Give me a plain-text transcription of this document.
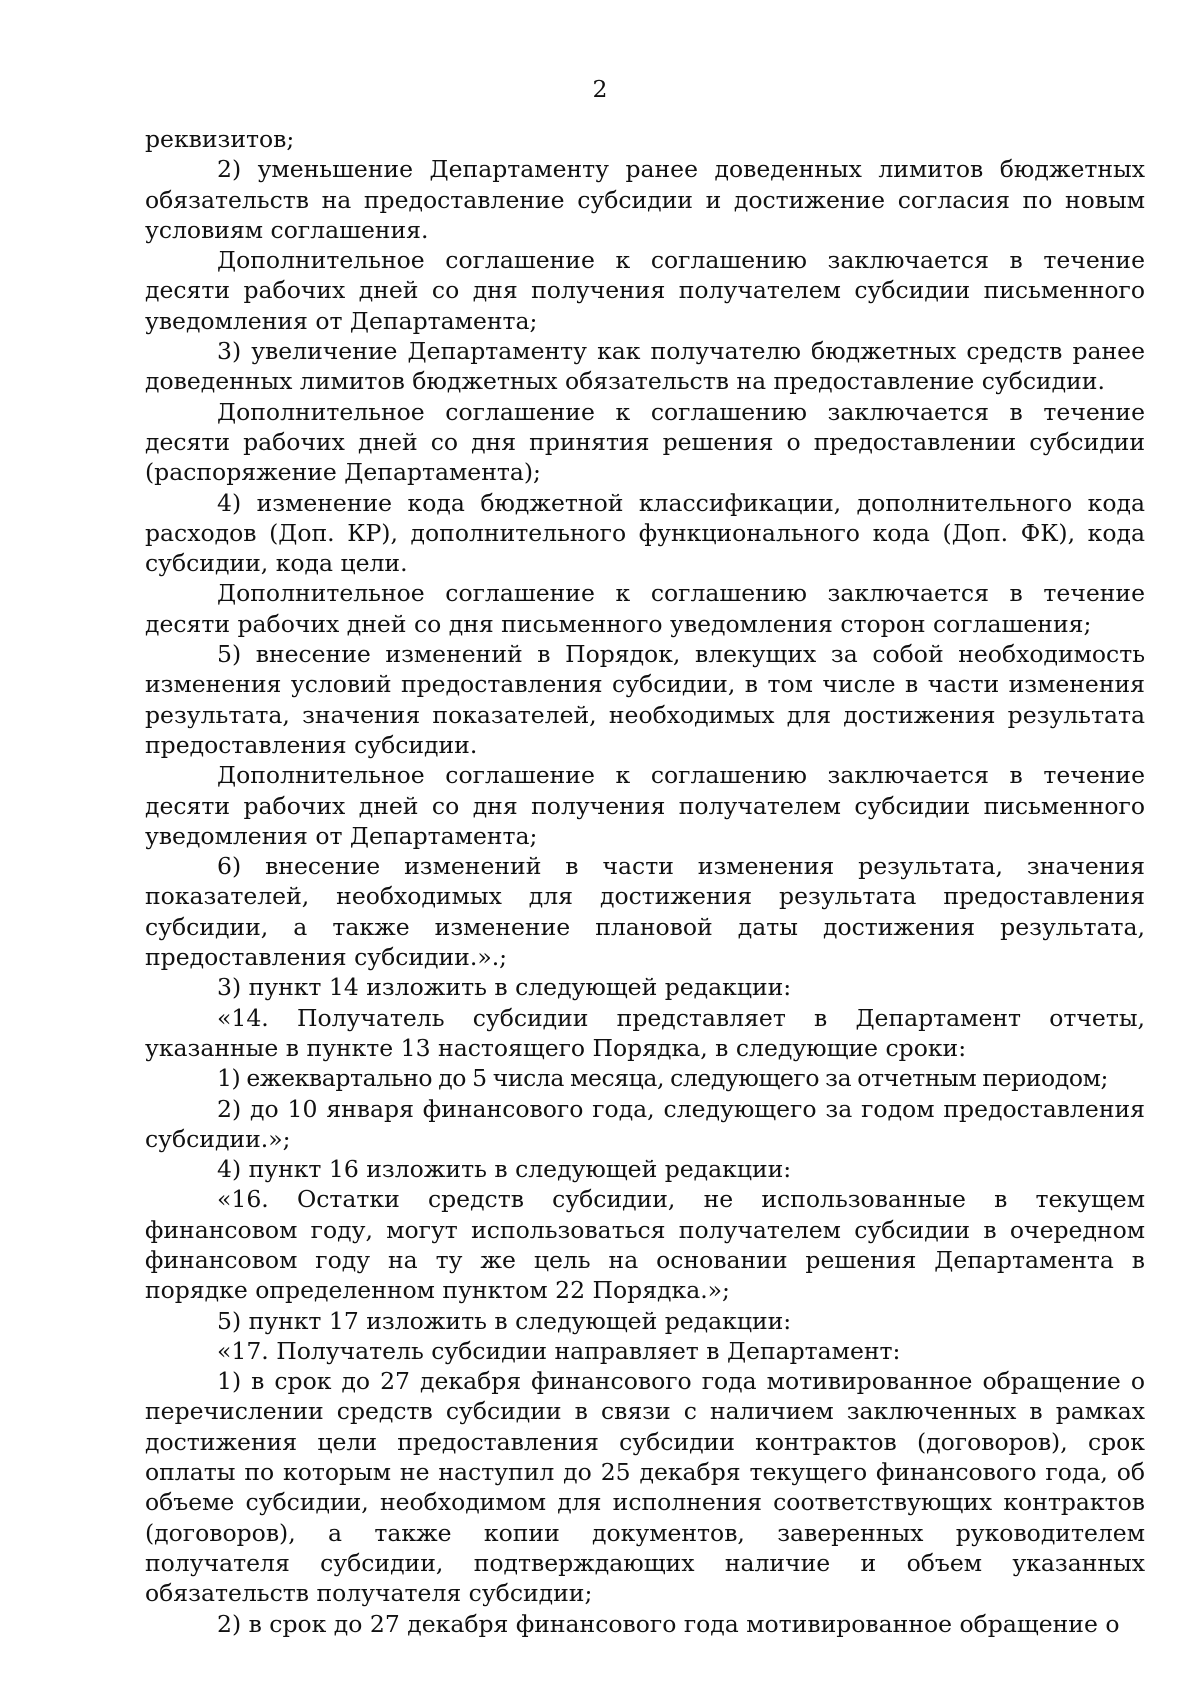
2

реквизитов;

2) уменьшение Департаменту ранее доведенных лимитов бюджетных обязательств на предоставление субсидии и достижение согласия по новым условиям соглашения.

Дополнительное соглашение к соглашению заключается в течение десяти рабочих дней со дня получения получателем субсидии письменного уведомления от Департамента;

3) увеличение Департаменту как получателю бюджетных средств ранее доведенных лимитов бюджетных обязательств на предоставление субсидии.

Дополнительное соглашение к соглашению заключается в течение десяти рабочих дней со дня принятия решения о предоставлении субсидии (распоряжение Департамента);

4) изменение кода бюджетной классификации, дополнительного кода расходов (Доп. КР), дополнительного функционального кода (Доп. ФК), кода субсидии, кода цели.

Дополнительное соглашение к соглашению заключается в течение десяти рабочих дней со дня письменного уведомления сторон соглашения;

5) внесение изменений в Порядок, влекущих за собой необходимость изменения условий предоставления субсидии, в том числе в части изменения результата, значения показателей, необходимых для достижения результата предоставления субсидии.

Дополнительное соглашение к соглашению заключается в течение десяти рабочих дней со дня получения получателем субсидии письменного уведомления от Департамента;

6) внесение изменений в части изменения результата, значения показателей, необходимых для достижения результата предоставления субсидии, а также изменение плановой даты достижения результата, предоставления субсидии.».;

3) пункт 14 изложить в следующей редакции:

«14. Получатель субсидии представляет в Департамент отчеты, указанные в пункте 13 настоящего Порядка, в следующие сроки:

1) ежеквартально до 5 числа месяца, следующего за отчетным периодом;

2) до 10 января финансового года, следующего за годом предоставления субсидии.»;

4) пункт 16 изложить в следующей редакции:

«16. Остатки средств субсидии, не использованные в текущем финансовом году, могут использоваться получателем субсидии в очередном финансовом году на ту же цель на основании решения Департамента в порядке определенном пунктом 22 Порядка.»;

5) пункт 17 изложить в следующей редакции:

«17. Получатель субсидии направляет в Департамент:

1) в срок до 27 декабря финансового года мотивированное обращение о перечислении средств субсидии в связи с наличием заключенных в рамках достижения цели предоставления субсидии контрактов (договоров), срок оплаты по которым не наступил до 25 декабря текущего финансового года, об объеме субсидии, необходимом для исполнения соответствующих контрактов (договоров), а также копии документов, заверенных руководителем получателя субсидии, подтверждающих наличие и объем указанных обязательств получателя субсидии;

2) в срок до 27 декабря финансового года мотивированное обращение о
